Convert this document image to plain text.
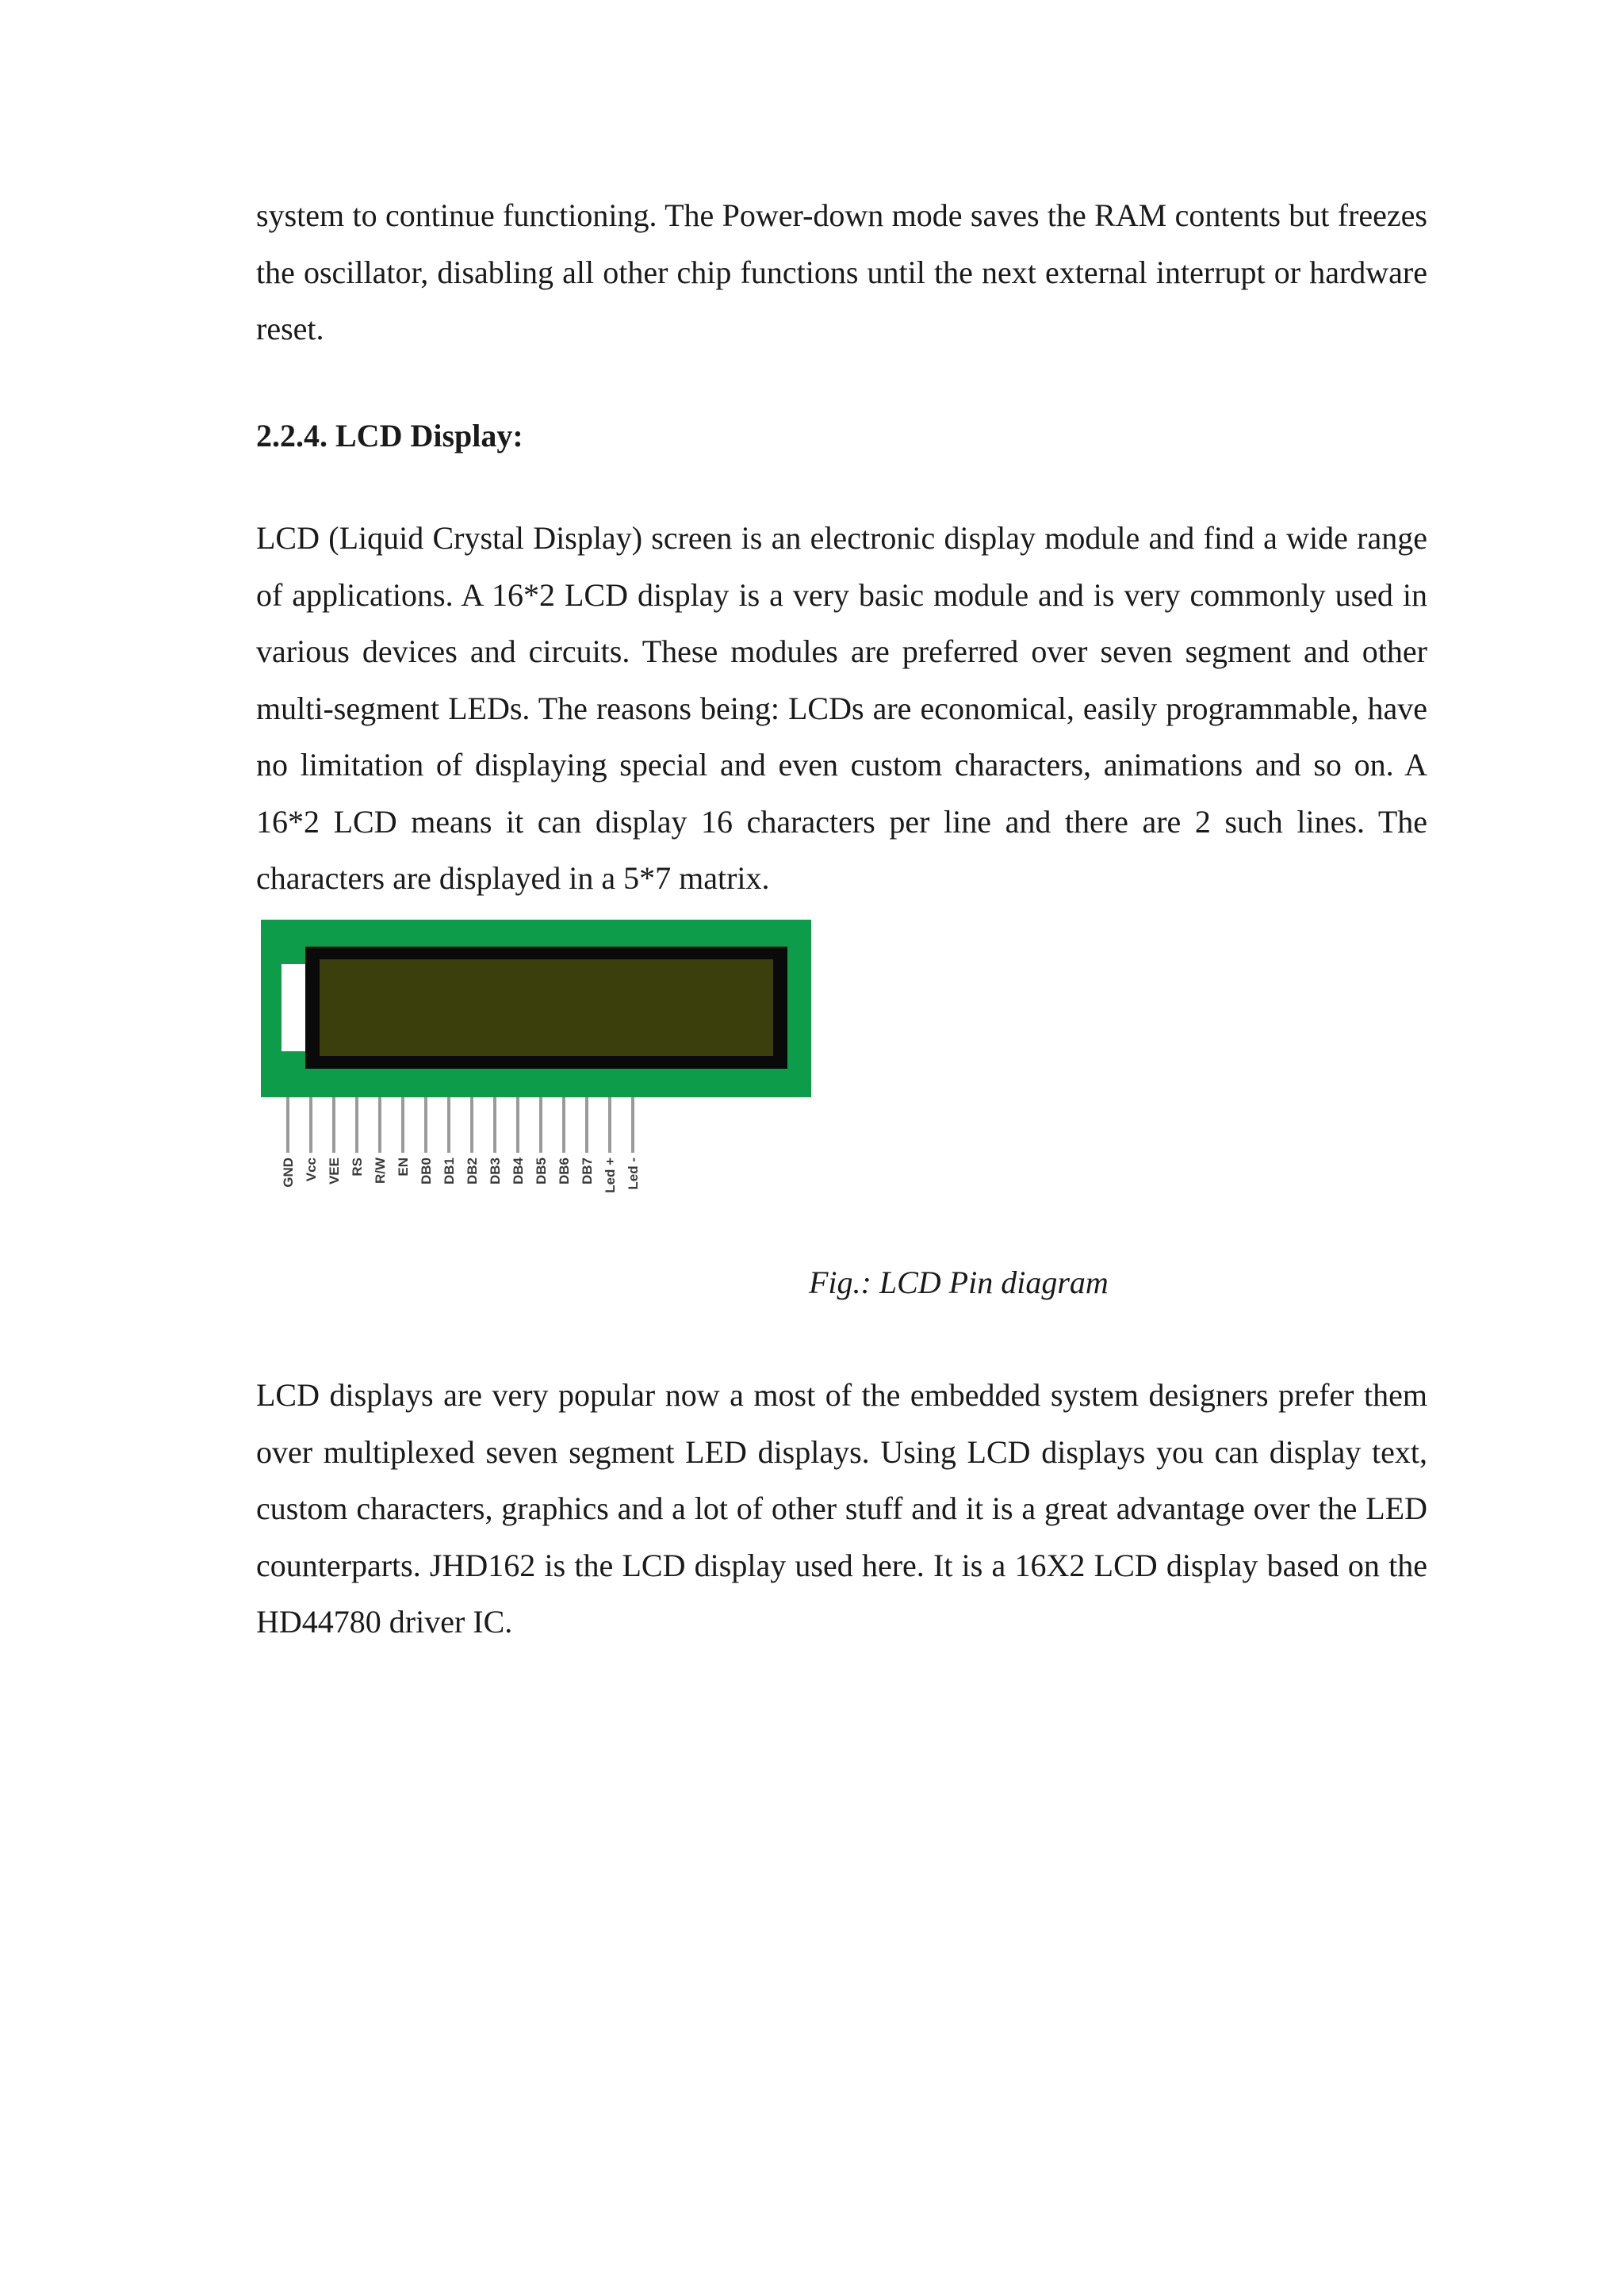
system to continue functioning. The Power-down mode saves the RAM contents but freezes the oscillator, disabling all other chip functions until the next external interrupt or hardware reset.

2.2.4. LCD Display:

LCD (Liquid Crystal Display) screen is an electronic display module and find a wide range of applications. A 16*2 LCD display is a very basic module and is very commonly used in various devices and circuits. These modules are preferred over seven segment and other multi-segment LEDs. The reasons being: LCDs are economical, easily programmable, have no limitation of displaying special and even custom characters, animations and so on. A 16*2 LCD means it can display 16 characters per line and there are 2 such lines. The characters are displayed in a 5*7 matrix.

GND Vcc VEE RS R/W EN DB0 DB1 DB2 DB3 DB4 DB5 DB6 DB7 Led + Led -

Fig.: LCD Pin diagram

LCD displays are very popular now a most of the embedded system designers prefer them over multiplexed seven segment LED displays. Using LCD displays you can display text, custom characters, graphics and a lot of other stuff and it is a great advantage over the LED counterparts. JHD162 is the LCD display used here. It is a 16X2 LCD display based on the HD44780 driver IC.
